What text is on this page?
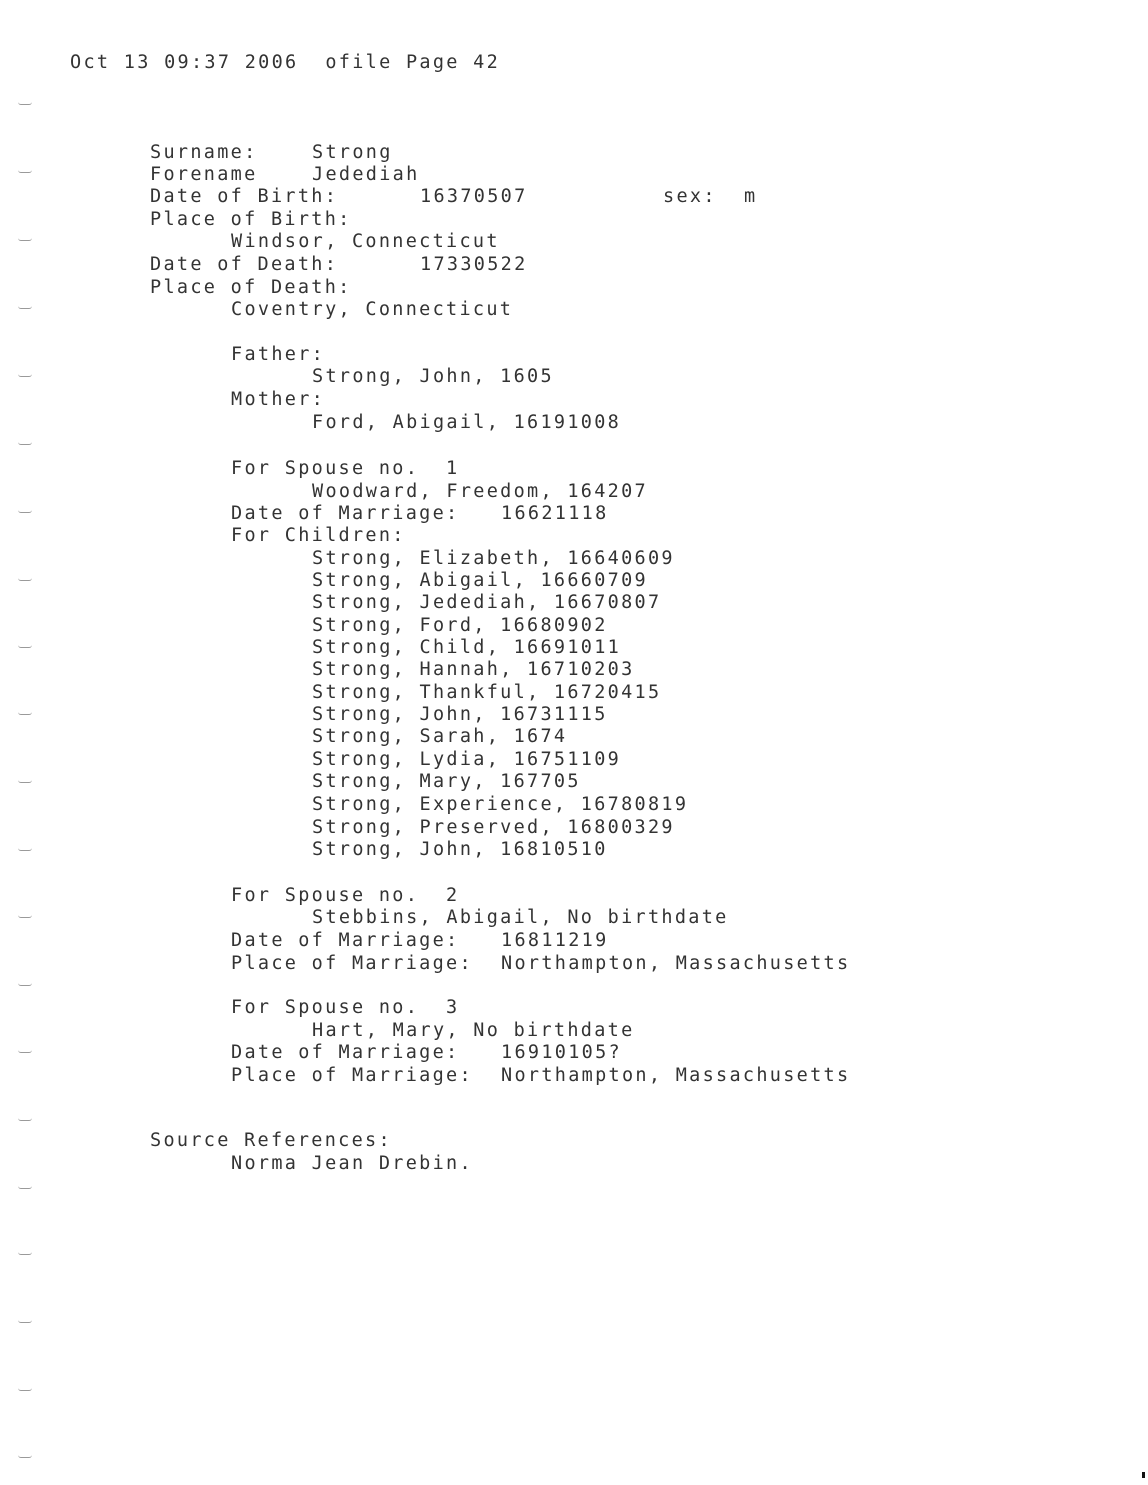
Oct 13 09:37 2006  ofile Page 42
Surname:	Strong
Forename	Jedediah
Date of Birth:	16370507	sex: m
Place of Birth:
Windsor, Connecticut
Date of Death:	17330522
Place of Death:
Coventry, Connecticut
Father:
Strong, John, 1605
Mother:
Ford, Abigail, 16191008
For Spouse no.  1
Woodward, Freedom, 164207
Date of Marriage: 16621118
For Children:
Strong, Elizabeth, 16640609
Strong, Abigail, 16660709
Strong, Jedediah, 16670807
Strong, Ford, 16680902
Strong, Child, 16691011
Strong, Hannah, 16710203
Strong, Thankful, 16720415
Strong, John, 16731115
Strong, Sarah, 1674
Strong, Lydia, 16751109
Strong, Mary, 167705
Strong, Experience, 16780819
Strong, Preserved, 16800329
Strong, John, 16810510
For Spouse no.  2
Stebbins, Abigail, No birthdate
Date of Marriage: 16811219
Place of Marriage: Northampton, Massachusetts
For Spouse no.  3
Hart, Mary, No birthdate
Date of Marriage: 16910105?
Place of Marriage: Northampton, Massachusetts
Source References:
Norma Jean Drebin.
